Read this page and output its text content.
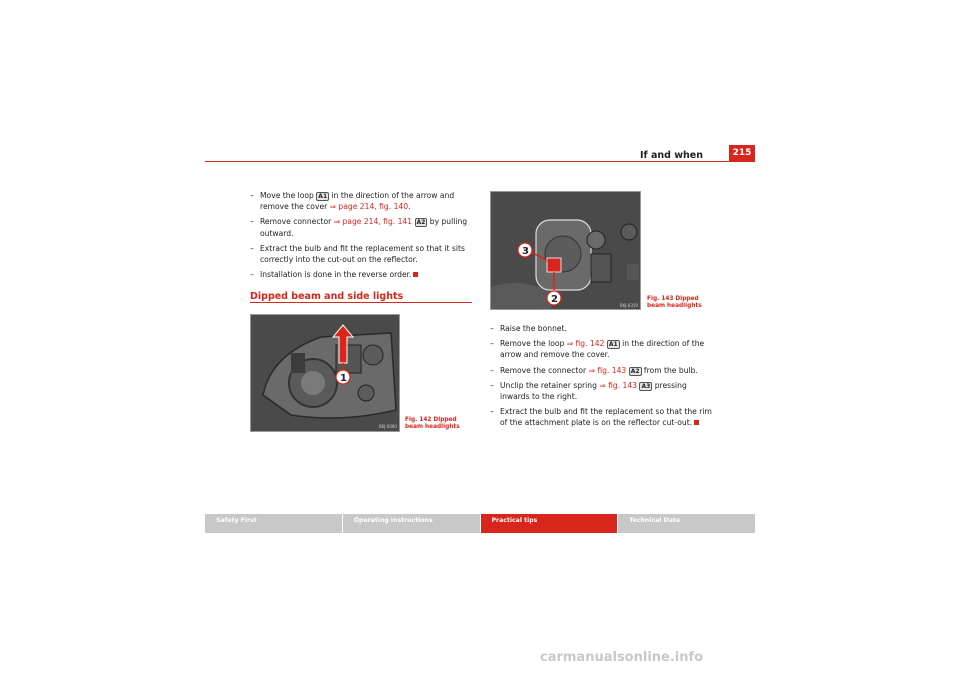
If and when	215
– Move the loop A1 in the direction of the arrow and remove the cover ⇒ page 214, fig. 140.
– Remove connector ⇒ page 214, fig. 141 A2 by pulling outward.
– Extract the bulb and fit the replacement so that it sits correctly into the cut-out on the reflector.
– Installation is done in the reverse order.
Dipped beam and side lights
1
B6J-0080
Fig. 142 Dipped beam headlights
2
3
B6J-0359
Fig. 143 Dipped beam headlights
– Raise the bonnet.
– Remove the loop ⇒ fig. 142 A1 in the direction of the arrow and remove the cover.
– Remove the connector ⇒ fig. 143 A2 from the bulb.
– Unclip the retainer spring ⇒ fig. 143 A3 pressing inwards to the right.
– Extract the bulb and fit the replacement so that the rim of the attachment plate is on the reflector cut-out.
Safety First	Operating instructions	Practical tips	Technical Data
carmanualsonline.info
